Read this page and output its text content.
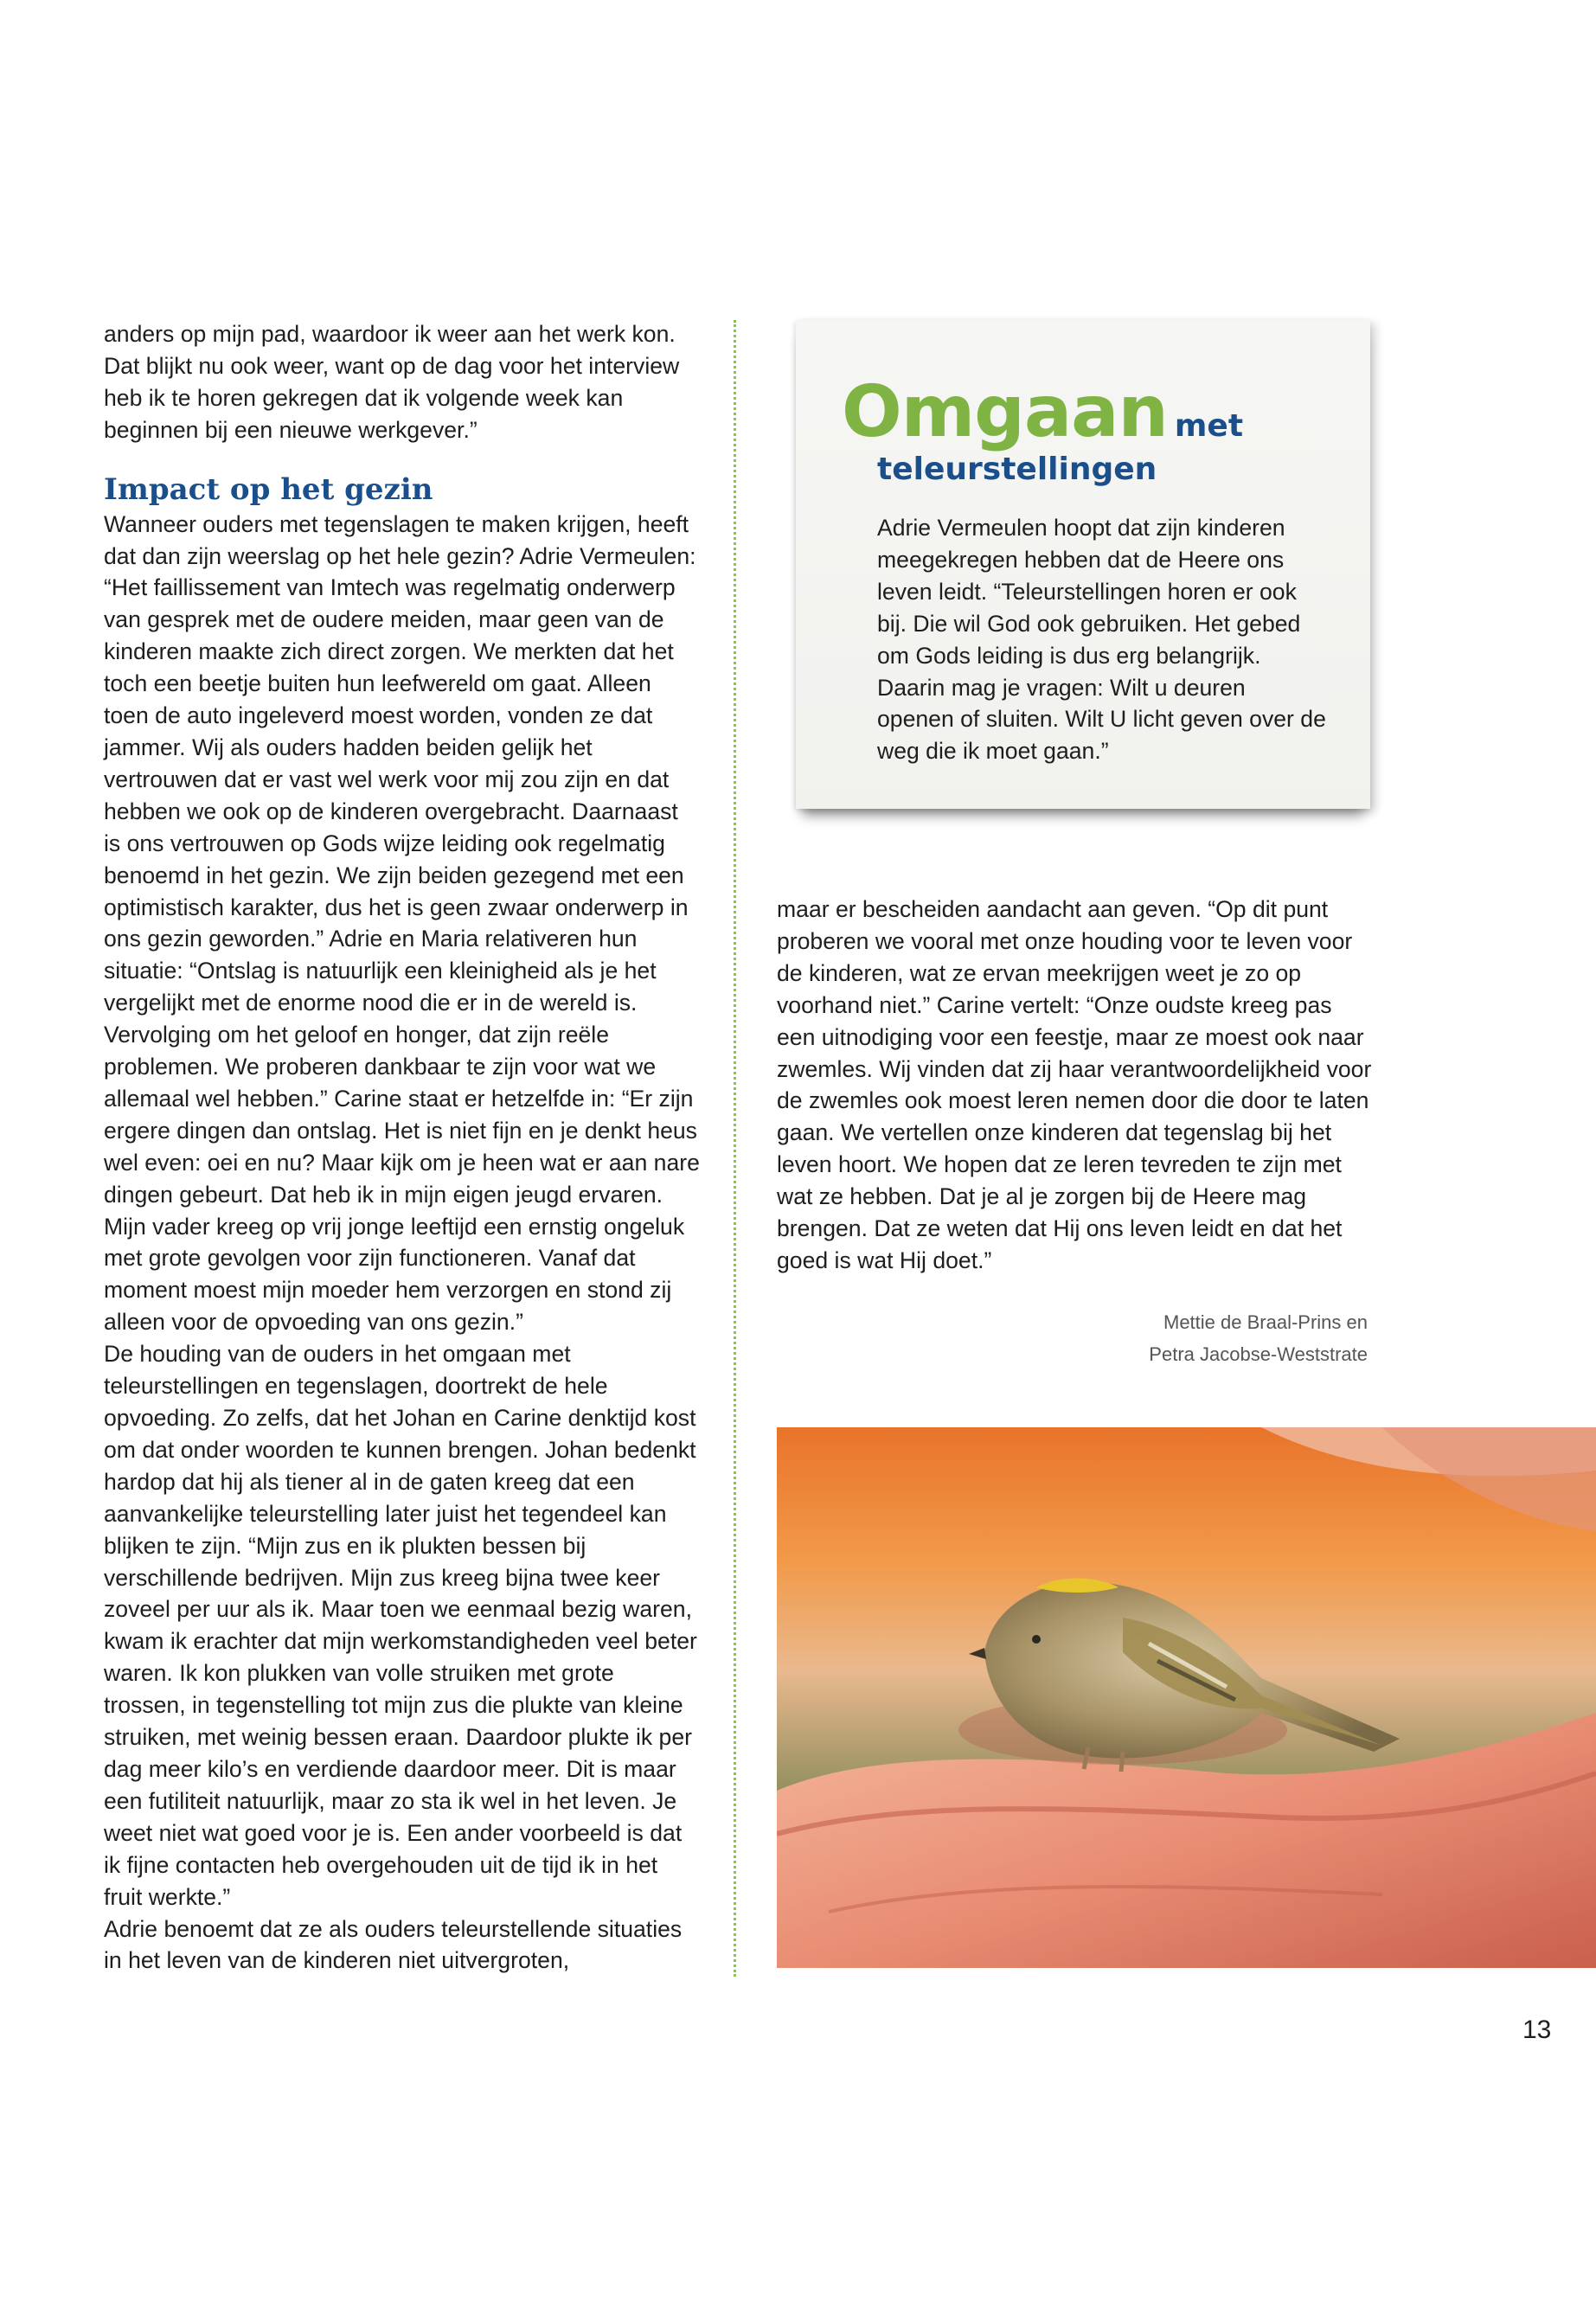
anders op mijn pad, waardoor ik weer aan het werk kon. Dat blijkt nu ook weer, want op de dag voor het interview heb ik te horen gekregen dat ik volgende week kan beginnen bij een nieuwe werkgever.”

Impact op het gezin

Wanneer ouders met tegenslagen te maken krijgen, heeft dat dan zijn weerslag op het hele gezin? Adrie Vermeulen: “Het faillissement van Imtech was regelmatig onderwerp van gesprek met de oudere meiden, maar geen van de kinderen maakte zich direct zorgen. We merkten dat het toch een beetje buiten hun leefwereld om gaat. Alleen toen de auto ingeleverd moest worden, vonden ze dat jammer. Wij als ouders hadden beiden gelijk het vertrouwen dat er vast wel werk voor mij zou zijn en dat hebben we ook op de kinderen overgebracht. Daarnaast is ons vertrouwen op Gods wijze leiding ook regelmatig benoemd in het gezin. We zijn beiden gezegend met een optimistisch karakter, dus het is geen zwaar onderwerp in ons gezin geworden.” Adrie en Maria relativeren hun situatie: “Ontslag is natuurlijk een kleinigheid als je het vergelijkt met de enorme nood die er in de wereld is. Vervolging om het geloof en honger, dat zijn reële problemen. We proberen dankbaar te zijn voor wat we allemaal wel hebben.” Carine staat er hetzelfde in: “Er zijn ergere dingen dan ontslag. Het is niet fijn en je denkt heus wel even: oei en nu? Maar kijk om je heen wat er aan nare dingen gebeurt. Dat heb ik in mijn eigen jeugd ervaren. Mijn vader kreeg op vrij jonge leeftijd een ernstig ongeluk met grote gevolgen voor zijn functioneren. Vanaf dat moment moest mijn moeder hem verzorgen en stond zij alleen voor de opvoeding van ons gezin.”

De houding van de ouders in het omgaan met teleurstellingen en tegenslagen, doortrekt de hele opvoeding. Zo zelfs, dat het Johan en Carine denktijd kost om dat onder woorden te kunnen brengen. Johan bedenkt hardop dat hij als tiener al in de gaten kreeg dat een aanvankelijke teleurstelling later juist het tegendeel kan blijken te zijn. “Mijn zus en ik plukten bessen bij verschillende bedrijven. Mijn zus kreeg bijna twee keer zoveel per uur als ik. Maar toen we eenmaal bezig waren, kwam ik erachter dat mijn werkomstandigheden veel beter waren. Ik kon plukken van volle struiken met grote trossen, in tegenstelling tot mijn zus die plukte van kleine struiken, met weinig bessen eraan. Daardoor plukte ik per dag meer kilo’s en verdiende daardoor meer. Dit is maar een futiliteit natuurlijk, maar zo sta ik wel in het leven. Je weet niet wat goed voor je is. Een ander voorbeeld is dat ik fijne contacten heb overgehouden uit de tijd ik in het fruit werkte.”

Adrie benoemt dat ze als ouders teleurstellende situaties in het leven van de kinderen niet uitvergroten,

Omgaan met
teleurstellingen

Adrie Vermeulen hoopt dat zijn kinderen meegekregen hebben dat de Heere ons leven leidt. “Teleurstellingen horen er ook bij. Die wil God ook gebruiken. Het gebed om Gods leiding is dus erg belangrijk. Daarin mag je vragen: Wilt u deuren openen of sluiten. Wilt U licht geven over de weg die ik moet gaan.”

maar er bescheiden aandacht aan geven. “Op dit punt proberen we vooral met onze houding voor te leven voor de kinderen, wat ze ervan meekrijgen weet je zo op voorhand niet.” Carine vertelt: “Onze oudste kreeg pas een uitnodiging voor een feestje, maar ze moest ook naar zwemles. Wij vinden dat zij haar verantwoordelijkheid voor de zwemles ook moest leren nemen door die door te laten gaan. We vertellen onze kinderen dat tegenslag bij het leven hoort. We hopen dat ze leren tevreden te zijn met wat ze hebben. Dat je al je zorgen bij de Heere mag brengen. Dat ze weten dat Hij ons leven leidt en dat het goed is wat Hij doet.”

Mettie de Braal-Prins en
Petra Jacobse-Weststrate
13
